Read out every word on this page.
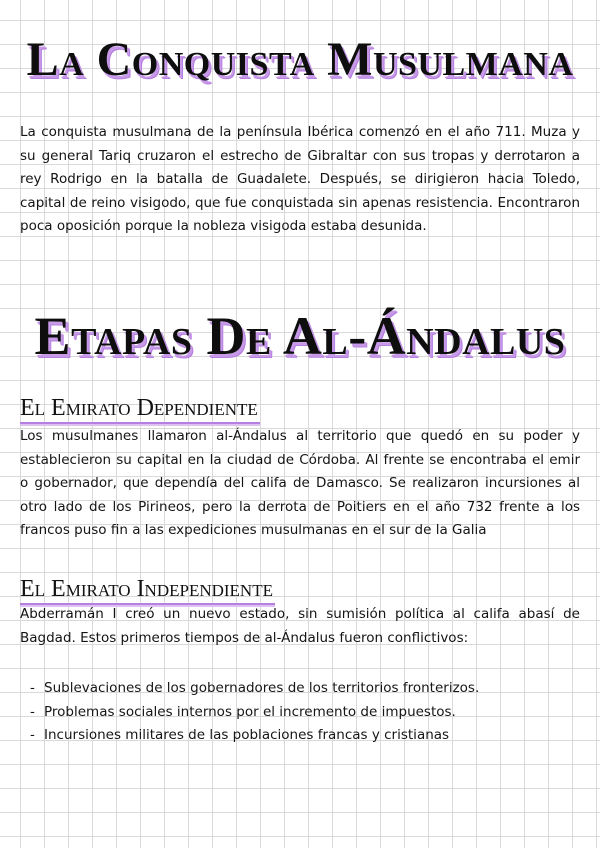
La Conquista Musulmana

La conquista musulmana de la península Ibérica comenzó en el año 711. Muza y su general Tariq cruzaron el estrecho de Gibraltar con sus tropas y derrotaron a rey Rodrigo en la batalla de Guadalete. Después, se dirigieron hacia Toledo, capital de reino visigodo, que fue conquistada sin apenas resistencia. Encontraron poca oposición porque la nobleza visigoda estaba desunida.

Etapas De Al-Ándalus
El Emirato Dependiente

Los musulmanes llamaron al-Ándalus al territorio que quedó en su poder y establecieron su capital en la ciudad de Córdoba. Al frente se encontraba el emir o gobernador, que dependía del califa de Damasco. Se realizaron incursiones al otro lado de los Pirineos, pero la derrota de Poitiers en el año 732 frente a los francos puso fin a las expediciones musulmanas en el sur de la Galia

El Emirato Independiente

Abderramán I creó un nuevo estado, sin sumisión política al califa abasí de Bagdad. Estos primeros tiempos de al-Ándalus fueron conflictivos:

- Sublevaciones de los gobernadores de los territorios fronterizos.
- Problemas sociales internos por el incremento de impuestos.
- Incursiones militares de las poblaciones francas y cristianas
